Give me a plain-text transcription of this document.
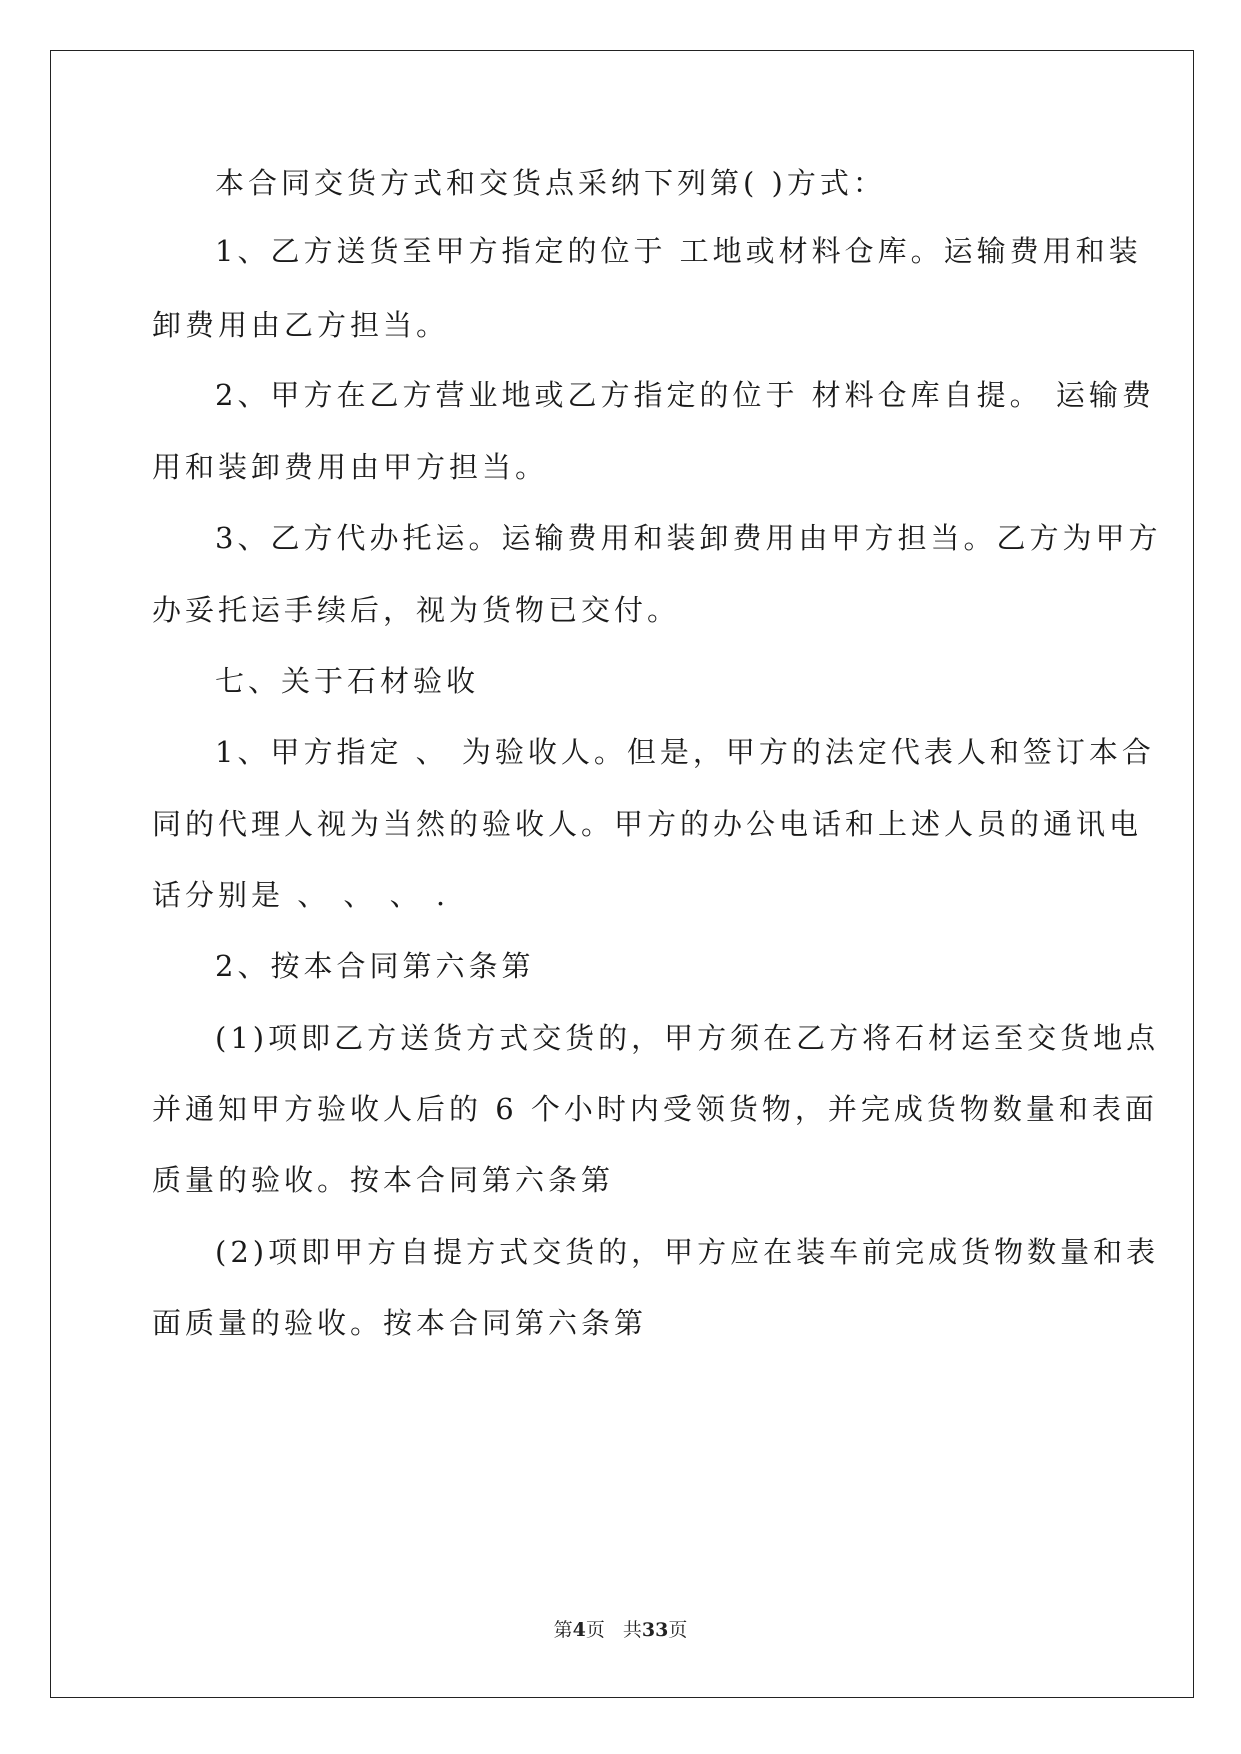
本合同交货方式和交货点采纳下列第( )方式：
1、乙方送货至甲方指定的位于 工地或材料仓库。运输费用和装
卸费用由乙方担当。
2、甲方在乙方营业地或乙方指定的位于 材料仓库自提。 运输费
用和装卸费用由甲方担当。
3、乙方代办托运。运输费用和装卸费用由甲方担当。乙方为甲方
办妥托运手续后，视为货物已交付。
七、关于石材验收
1、甲方指定 、 为验收人。但是，甲方的法定代表人和签订本合
同的代理人视为当然的验收人。甲方的办公电话和上述人员的通讯电
话分别是 、 、 、 .
2、按本合同第六条第
(1)项即乙方送货方式交货的，甲方须在乙方将石材运至交货地点
并通知甲方验收人后的 6 个小时内受领货物，并完成货物数量和表面
质量的验收。按本合同第六条第
(2)项即甲方自提方式交货的，甲方应在装车前完成货物数量和表
面质量的验收。按本合同第六条第
第4页 共33页
